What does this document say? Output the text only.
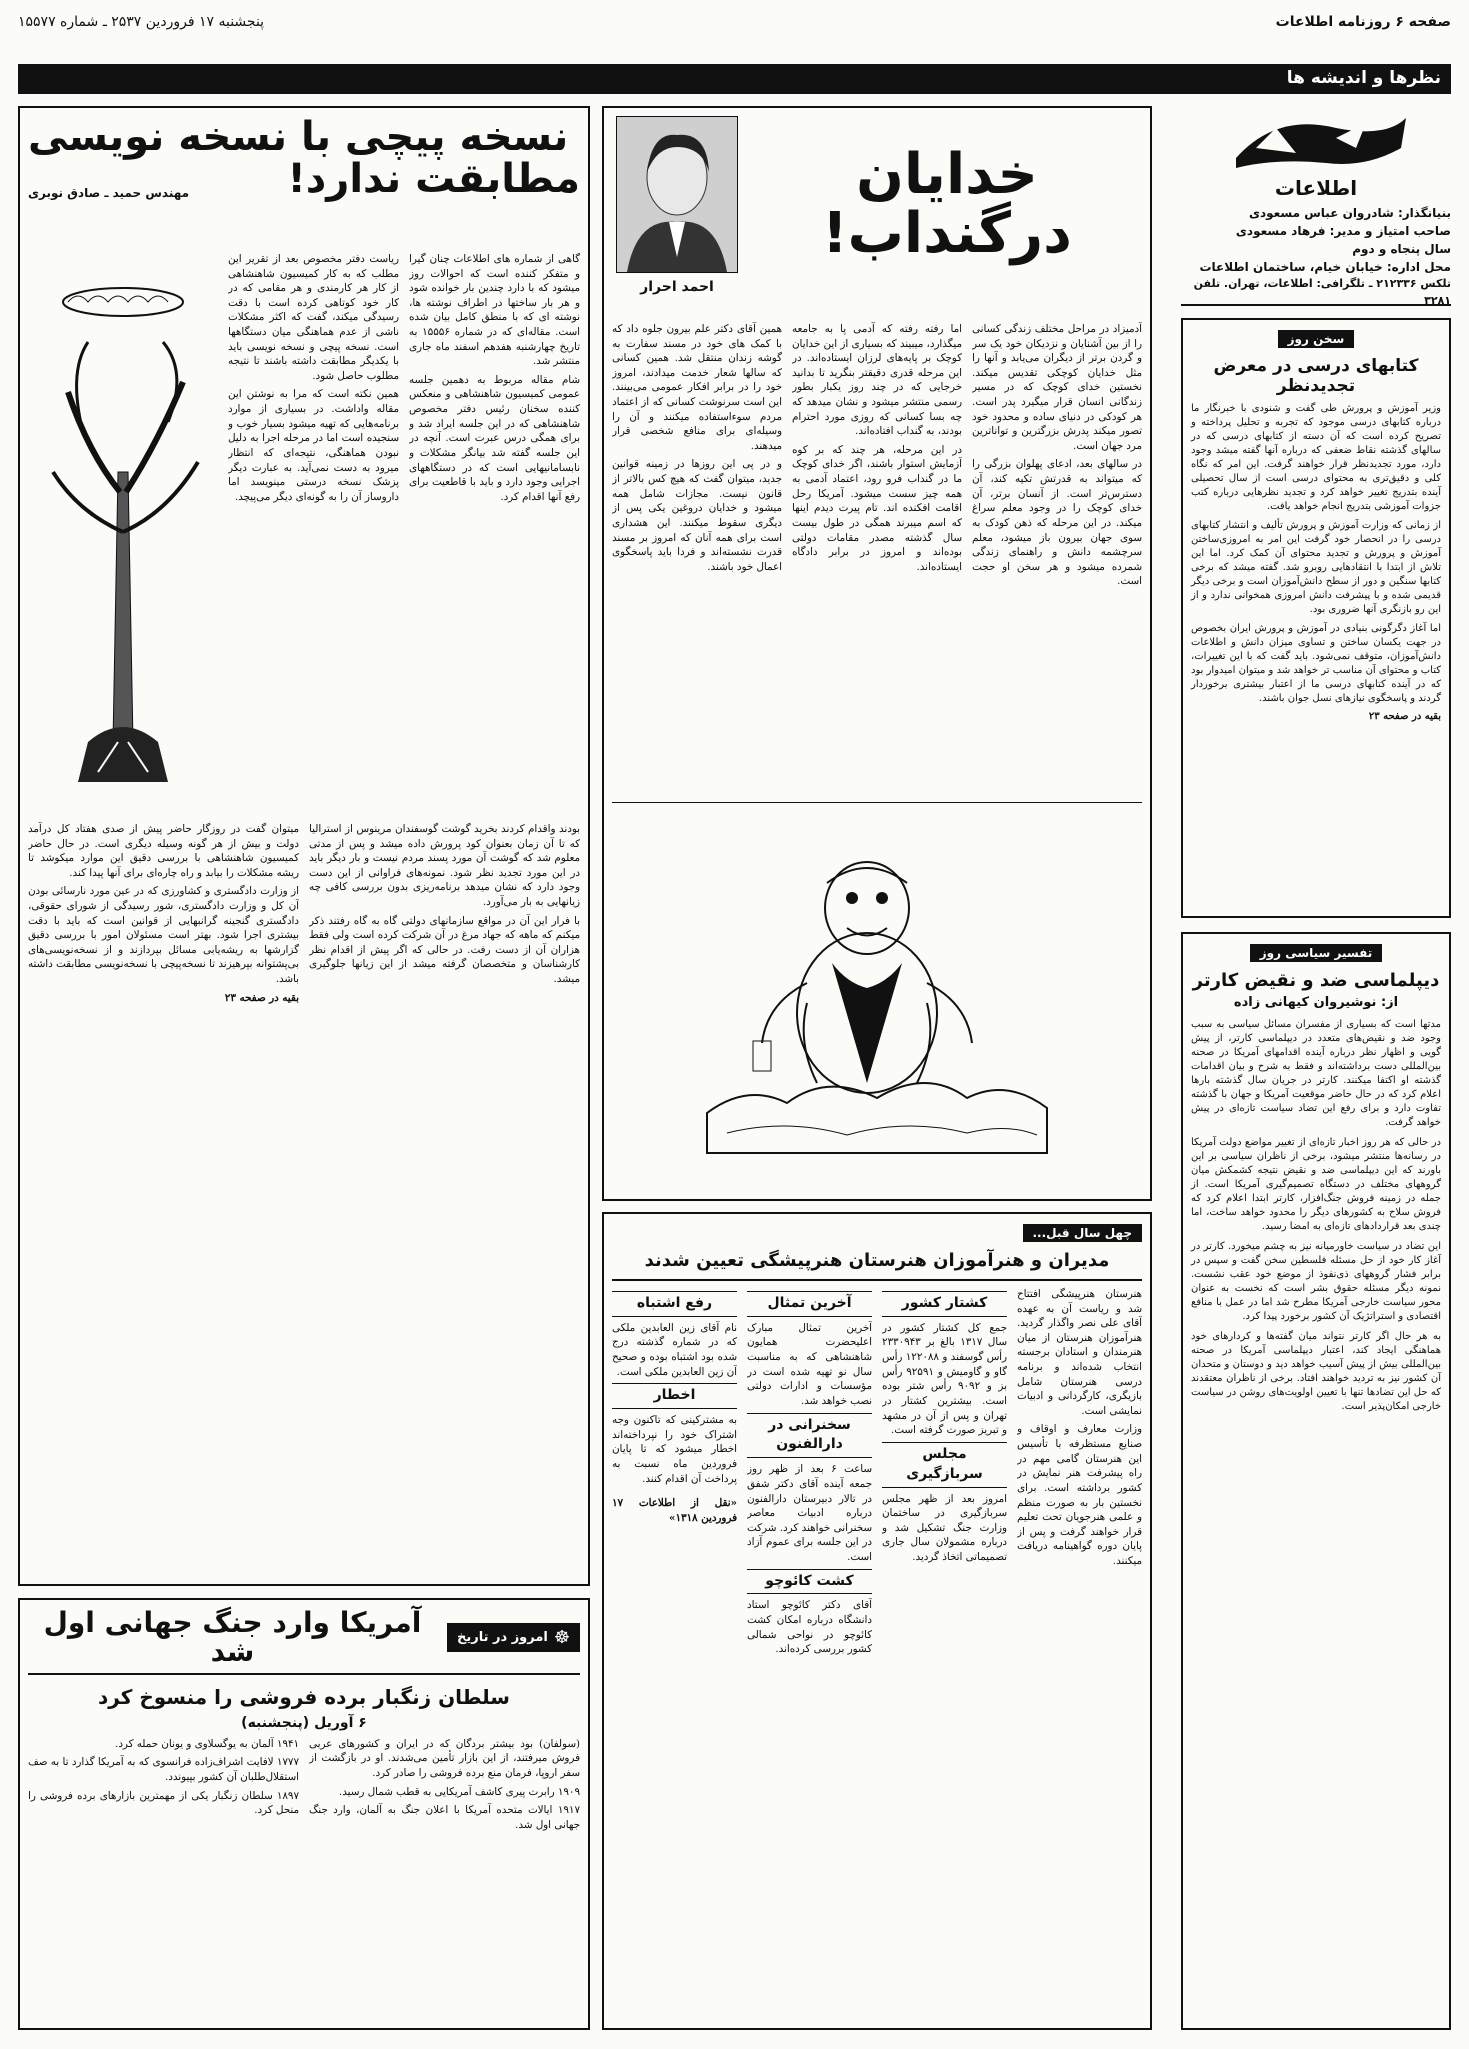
صفحه ۶ روزنامه اطلاعات
پنجشنبه ۱۷ فروردین ۲۵۳۷ ـ شماره ۱۵۵۷۷
نظرها و اندیشه ها
اطلاعات
بنیانگذار: شادروان عباس مسعودی
صاحب امتیاز و مدیر: فرهاد مسعودی
سال پنجاه و دوم
محل اداره: خیابان خیام، ساختمان اطلاعات
تلکس ۲۱۲۳۳۶ ـ تلگرافی: اطلاعات، تهران. تلفن ۳۲۸۱
سخن روز
کتابهای درسی در معرض تجدیدنظر

وزیر آموزش و پرورش طی گفت و شنودی با خبرنگار ما درباره کتابهای درسی موجود که تجربه و تحلیل پرداخته و تصریح کرده است که آن دسته از کتابهای درسی که در سالهای گذشته نقاط ضعفی که درباره آنها گفته میشد وجود دارد، مورد تجدیدنظر قرار خواهند گرفت. این امر که نگاه کلی و دقیق‌تری به محتوای درسی است از سال تحصیلی آینده بتدریج تغییر خواهد کرد و تجدید نظرهایی درباره کتب جزوات آموزشی بتدریج انجام خواهد یافت.

از زمانی که وزارت آموزش و پرورش تألیف و انتشار کتابهای درسی را در انحصار خود گرفت این امر به امروزی‌ساختن آموزش و پرورش و تجدید محتوای آن کمک کرد. اما این تلاش از ابتدا با انتقادهایی روبرو شد. گفته میشد که برخی کتابها سنگین و دور از سطح دانش‌آموزان است و برخی دیگر قدیمی شده و با پیشرفت دانش امروزی همخوانی ندارد و از این رو بازنگری آنها ضروری بود.

اما آغاز دگرگونی بنیادی در آموزش و پرورش ایران بخصوص در جهت یکسان ساختن و تساوی میزان دانش و اطلاعات دانش‌آموزان، متوقف نمی‌شود. باید گفت که با این تغییرات، کتاب و محتوای آن مناسب تر خواهد شد و میتوان امیدوار بود که در آینده کتابهای درسی ما از اعتبار بیشتری برخوردار گردند و پاسخگوی نیازهای نسل جوان باشند.

بقیه در صفحه ۲۳
تفسیر سیاسی روز
دیپلماسی ضد و نقیض کارتر
از: نوشیروان کیهانی زاده

مدتها است که بسیاری از مفسران مسائل سیاسی به سبب وجود ضد و نقیض‌های متعدد در دیپلماسی کارتر، از پیش گویی و اظهار نظر درباره آینده اقدامهای آمریکا در صحنه بین‌المللی دست برداشته‌اند و فقط به شرح و بیان اقدامات گذشته او اکتفا میکنند. کارتر در جریان سال گذشته بارها اعلام کرد که در حال حاضر موقعیت آمریکا و جهان با گذشته تفاوت دارد و برای رفع این تضاد سیاست تازه‌ای در پیش خواهد گرفت.

در حالی که هر روز اخبار تازه‌ای از تغییر مواضع دولت آمریکا در رسانه‌ها منتشر میشود، برخی از ناظران سیاسی بر این باورند که این دیپلماسی ضد و نقیض نتیجه کشمکش میان گروههای مختلف در دستگاه تصمیم‌گیری آمریکا است. از جمله در زمینه فروش جنگ‌افزار، کارتر ابتدا اعلام کرد که فروش سلاح به کشورهای دیگر را محدود خواهد ساخت، اما چندی بعد قراردادهای تازه‌ای به امضا رسید.

این تضاد در سیاست خاورمیانه نیز به چشم میخورد. کارتر در آغاز کار خود از حل مسئله فلسطین سخن گفت و سپس در برابر فشار گروههای ذی‌نفوذ از موضع خود عقب نشست. نمونه دیگر مسئله حقوق بشر است که نخست به عنوان محور سیاست خارجی آمریکا مطرح شد اما در عمل با منافع اقتصادی و استراتژیک آن کشور برخورد پیدا کرد.

به هر حال اگر کارتر نتواند میان گفته‌ها و کردارهای خود هماهنگی ایجاد کند، اعتبار دیپلماسی آمریکا در صحنه بین‌المللی بیش از پیش آسیب خواهد دید و دوستان و متحدان آن کشور نیز به تردید خواهند افتاد. برخی از ناظران معتقدند که حل این تضادها تنها با تعیین اولویت‌های روشن در سیاست خارجی امکان‌پذیر است.

خدایان درگنداب!
احمد احرار

آدمیزاد در مراحل مختلف زندگی کسانی را از بین آشنایان و نزدیکان خود یک سر و گردن برتر از دیگران می‌یابد و آنها را مثل خدایان کوچکی تقدیس میکند. نخستین خدای کوچک که در مسیر زندگانی انسان قرار میگیرد پدر است. هر کودکی در دنیای ساده و محدود خود تصور میکند پدرش بزرگترین و تواناترین مرد جهان است.

در سالهای بعد، ادعای پهلوان بزرگی را که میتواند به قدرتش تکیه کند، آن دسترس‌تر است. از آنسان برتر، آن خدای کوچک را در وجود معلم سراغ میکند. در این مرحله که ذهن کودک به سوی جهان بیرون باز میشود، معلم سرچشمه دانش و راهنمای زندگی شمرده میشود و هر سخن او حجت است.

اما رفته رفته که آدمی پا به جامعه میگذارد، میبیند که بسیاری از این خدایان کوچک بر پایه‌های لرزان ایستاده‌اند. در این مرحله قدری دقیقتر بنگرید تا بدانید خرجایی که در چند روز یکبار بطور رسمی منتشر میشود و نشان میدهد که چه بسا کسانی که روزی مورد احترام بودند، به گنداب افتاده‌اند.

در این مرحله، هر چند که بر کوه آزمایش استوار باشند، اگر خدای کوچک ما در گنداب فرو رود، اعتماد آدمی به همه چیز سست میشود. آمریکا رحل اقامت افکنده اند. تام پیرت دیدم اینها که اسم میبرند همگی در طول بیست سال گذشته مصدر مقامات دولتی بوده‌اند و امروز در برابر دادگاه ایستاده‌اند.

همین آقای دکتر علم بیرون جلوه داد که با کمک های خود در مسند سفارت به گوشه زندان منتقل شد. همین کسانی که سالها شعار خدمت میدادند، امروز خود را در برابر افکار عمومی می‌بینند. این است سرنوشت کسانی که از اعتماد مردم سوءاستفاده میکنند و آن را وسیله‌ای برای منافع شخصی قرار میدهند.

و در پی این روزها در زمینه قوانین جدید، میتوان گفت که هیچ کس بالاتر از قانون نیست. مجازات شامل همه میشود و خدایان دروغین یکی پس از دیگری سقوط میکنند. این هشداری است برای همه آنان که امروز بر مسند قدرت نشسته‌اند و فردا باید پاسخگوی اعمال خود باشند.

چهل سال قبل...
مدیران و هنرآموزان هنرستان هنرپیشگی تعیین شدند

هنرستان هنرپیشگی افتتاح شد و ریاست آن به عهده آقای علی نصر واگذار گردید. هنرآموزان هنرستان از میان هنرمندان و استادان برجسته انتخاب شده‌اند و برنامه درسی هنرستان شامل بازیگری، کارگردانی و ادبیات نمایشی است.

وزارت معارف و اوقاف و صنایع مستظرفه با تأسیس این هنرستان گامی مهم در راه پیشرفت هنر نمایش در کشور برداشته است. برای نخستین بار به صورت منظم و علمی هنرجویان تحت تعلیم قرار خواهند گرفت و پس از پایان دوره گواهینامه دریافت میکنند.

کشتار کشور

جمع کل کشتار کشور در سال ۱۳۱۷ بالغ بر ۲۳۳۰۹۴۳ رأس گوسفند و ۱۲۲۰۸۸ رأس گاو و گاومیش و ۹۲۵۹۱ رأس بز و ۹۰۹۲ رأس شتر بوده است. بیشترین کشتار در تهران و پس از آن در مشهد و تبریز صورت گرفته است.

مجلس سربازگیری

امروز بعد از ظهر مجلس سربازگیری در ساختمان وزارت جنگ تشکیل شد و درباره مشمولان سال جاری تصمیماتی اتخاذ گردید.

آخرین تمثال

آخرین تمثال مبارک اعلیحضرت همایون شاهنشاهی که به مناسبت سال نو تهیه شده است در مؤسسات و ادارات دولتی نصب خواهد شد.

سخنرانی در دارالفنون

ساعت ۶ بعد از ظهر روز جمعه آینده آقای دکتر شفق در تالار دبیرستان دارالفنون درباره ادبیات معاصر سخنرانی خواهند کرد. شرکت در این جلسه برای عموم آزاد است.

کشت کائوچو

آقای دکتر کائوچو استاد دانشگاه درباره امکان کشت کائوچو در نواحی شمالی کشور بررسی کرده‌اند.

رفع اشتباه

نام آقای زین العابدین ملکی که در شماره گذشته درج شده بود اشتباه بوده و صحیح آن زین العابدین ملکی است.

اخطار

به مشترکینی که تاکنون وجه اشتراک خود را نپرداخته‌اند اخطار میشود که تا پایان فروردین ماه نسبت به پرداخت آن اقدام کنند.

«نقل از اطلاعات ۱۷ فروردین ۱۳۱۸»

نسخه پیچی با نسخه نویسی
مطابقت ندارد!
مهندس حمید ـ صادق نوبری

گاهی از شماره های اطلاعات چنان گیرا و متفکر کننده است که احوالات روز میشود که با دارد چندین بار خوانده شود و هر بار ساختها در اطراف نوشته ها، نوشته ای که با منطق کامل بیان شده است. مقاله‌ای که در شماره ۱۵۵۵۶ به تاریخ چهارشنبه هفدهم اسفند ماه جاری منتشر شد.

شام مقاله مربوط به دهمین جلسه عمومی کمیسیون شاهنشاهی و منعکس کننده سخنان رئیس دفتر مخصوص شاهنشاهی که در این جلسه ایراد شد و برای همگی درس عبرت است. آنچه در این جلسه گفته شد بیانگر مشکلات و نابسامانیهایی است که در دستگاههای اجرایی وجود دارد و باید با قاطعیت برای رفع آنها اقدام کرد.

ریاست دفتر مخصوص بعد از تقریر این مطلب که به کار کمیسیون شاهنشاهی از کار هر کارمندی و هر مقامی که در کار خود کوتاهی کرده است با دقت رسیدگی میکند، گفت که اکثر مشکلات ناشی از عدم هماهنگی میان دستگاهها است. نسخه پیچی و نسخه نویسی باید با یکدیگر مطابقت داشته باشند تا نتیجه مطلوب حاصل شود.

همین نکته است که مرا به نوشتن این مقاله واداشت. در بسیاری از موارد برنامه‌هایی که تهیه میشود بسیار خوب و سنجیده است اما در مرحله اجرا به دلیل نبودن هماهنگی، نتیجه‌ای که انتظار میرود به دست نمی‌آید. به عبارت دیگر پزشک نسخه درستی مینویسد اما داروساز آن را به گونه‌ای دیگر می‌پیچد.

بودند واقدام کردند بخرید گوشت گوسفندان مرینوس از استرالیا که تا آن زمان بعنوان کود پرورش داده میشد و پس از مدتی معلوم شد که گوشت آن مورد پسند مردم نیست و بار دیگر باید در این مورد تجدید نظر شود. نمونه‌های فراوانی از این دست وجود دارد که نشان میدهد برنامه‌ریزی بدون بررسی کافی چه زیانهایی به بار می‌آورد.

با فرار این آن در مواقع سازمانهای دولتی گاه به گاه رفتند ذکر میکنم که ماهه که جهاد مرغ در آن شرکت کرده است ولی فقط هزاران آن از دست رفت. در حالی که اگر پیش از اقدام نظر کارشناسان و متخصصان گرفته میشد از این زیانها جلوگیری میشد.

میتوان گفت در روزگار حاضر پیش از صدی هفتاد کل درآمد دولت و بیش از هر گونه وسیله دیگری است. در حال حاضر کمیسیون شاهنشاهی با بررسی دقیق این موارد میکوشد تا ریشه مشکلات را بیابد و راه چاره‌ای برای آنها پیدا کند.

از وزارت دادگستری و کشاورزی که در عین مورد نارسائی بودن آن کل و وزارت دادگستری، شور رسیدگی از شورای حقوقی، دادگستری گنجینه گرانبهایی از قوانین است که باید با دقت بیشتری اجرا شود. بهتر است مسئولان امور با بررسی دقیق گزارشها به ریشه‌یابی مسائل بپردازند و از نسخه‌نویسی‌های بی‌پشتوانه بپرهیزند تا نسخه‌پیچی با نسخه‌نویسی مطابقت داشته باشد.

بقیه در صفحه ۲۳

☸
امروز در تاریخ
آمریکا وارد جنگ جهانی اول شد
سلطان زنگبار برده فروشی را منسوخ کرد
۶ آوریل (پنجشنبه)

(سولفان) بود بیشتر بردگان که در ایران و کشورهای عربی فروش میرفتند، از این بازار تأمین می‌شدند. او در بازگشت از سفر اروپا، فرمان منع برده فروشی را صادر کرد.

۱۹۰۹ رابرت پیری کاشف آمریکایی به قطب شمال رسید.

۱۹۱۷ ایالات متحده آمریکا با اعلان جنگ به آلمان، وارد جنگ جهانی اول شد.

۱۹۴۱ آلمان به یوگسلاوی و یونان حمله کرد.

۱۷۷۷ لافایت اشراف‌زاده فرانسوی که به آمریکا گذارد تا به صف استقلال‌طلبان آن کشور بپیوندد.

۱۸۹۷ سلطان زنگبار یکی از مهمترین بازارهای برده فروشی را منحل کرد.
